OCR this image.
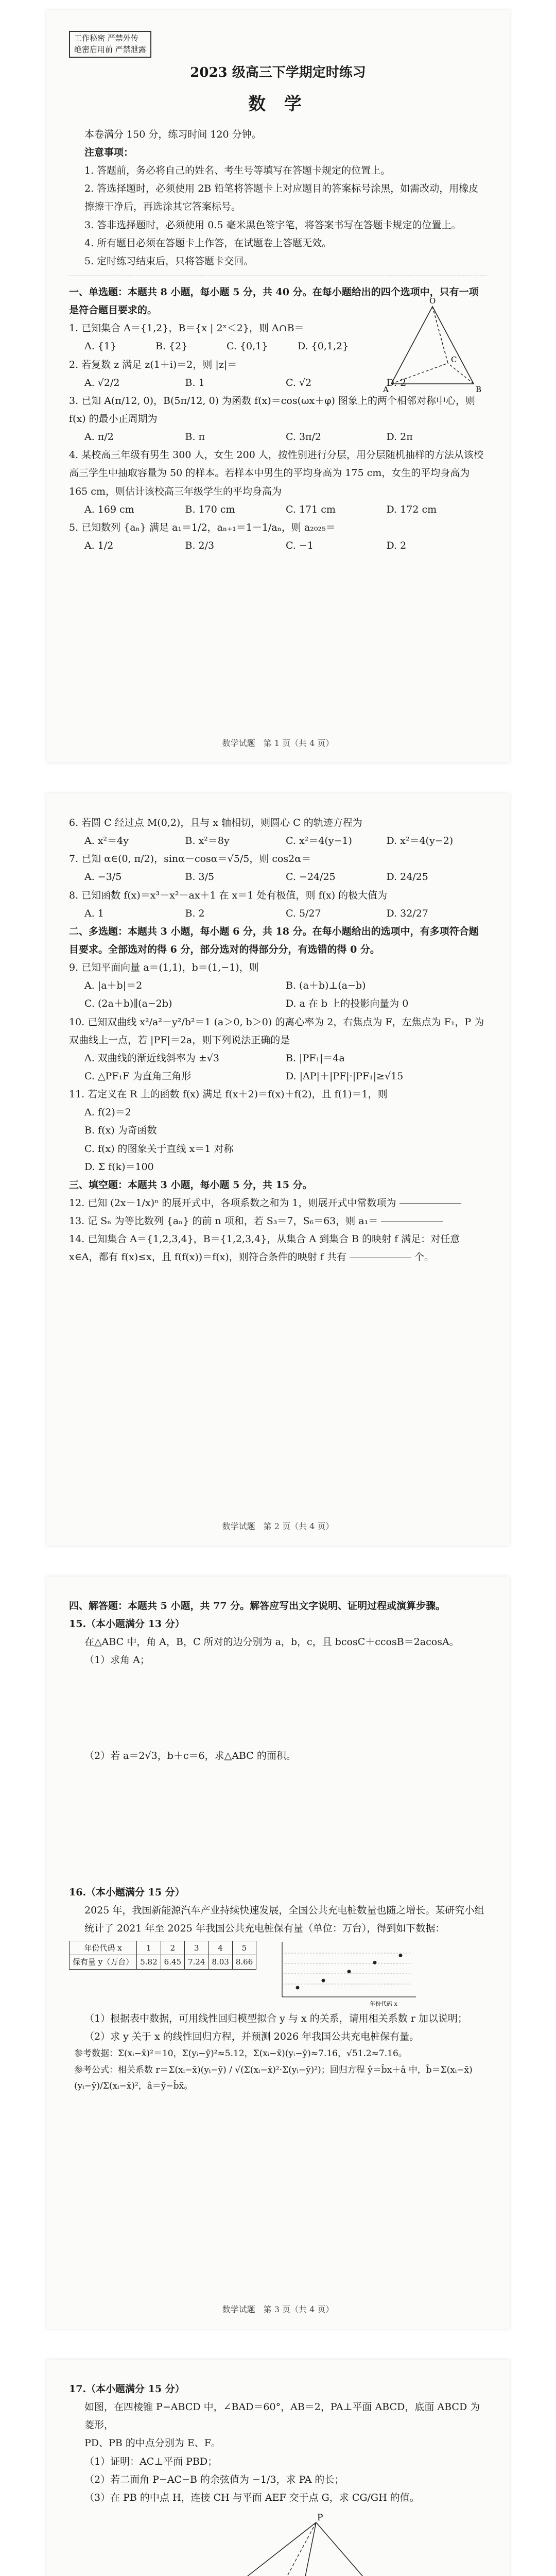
工作秘密 严禁外传
绝密启用前 严禁泄露
2023 级高三下学期定时练习
数 学
本卷满分 150 分，练习时间 120 分钟。
注意事项：
1. 答题前，务必将自己的姓名、考生号等填写在答题卡规定的位置上。
2. 答选择题时，必须使用 2B 铅笔将答题卡上对应题目的答案标号涂黑，如需改动，用橡皮擦擦干净后，再选涂其它答案标号。
3. 答非选择题时，必须使用 0.5 毫米黑色签字笔，将答案书写在答题卡规定的位置上。
4. 所有题目必须在答题卡上作答，在试题卷上答题无效。
5. 定时练习结束后，只将答题卡交回。
一、单选题：本题共 8 小题，每小题 5 分，共 40 分。在每小题给出的四个选项中，只有一项是符合题目要求的。
1. 已知集合 A＝{1,2}，B＝{x | 2ˣ＜2}，则 A∩B＝
A. {1}	B. {2}	C. {0,1}	D. {0,1,2}
2. 若复数 z 满足 z(1＋i)＝2，则 |z|＝
A. √2/2	B. 1	C. √2	D. 2
3. 已知 A(π/12, 0)，B(5π/12, 0) 为函数 f(x)＝cos(ωx＋φ) 图象上的两个相邻对称中心，则 f(x) 的最小正周期为
A. π/2	B. π	C. 3π/2	D. 2π
4. 某校高三年级有男生 300 人，女生 200 人，按性别进行分层，用分层随机抽样的方法从该校高三学生中抽取容量为 50 的样本。若样本中男生的平均身高为 175 cm，女生的平均身高为 165 cm，则估计该校高三年级学生的平均身高为
A. 169 cm	B. 170 cm	C. 171 cm	D. 172 cm
5. 已知数列 {aₙ} 满足 a₁＝1/2，aₙ₊₁＝1－1/aₙ，则 a₂₀₂₅＝
A. 1/2	B. 2/3	C. −1	D. 2
O
A	B
C
数学试题　第 1 页（共 4 页）
6. 若圆 C 经过点 M(0,2)，且与 x 轴相切，则圆心 C 的轨迹方程为
A. x²＝4y	B. x²＝8y	C. x²＝4(y−1)	D. x²＝4(y−2)
7. 已知 α∈(0, π/2)，sinα－cosα＝√5/5，则 cos2α＝
A. −3/5	B. 3/5	C. −24/25	D. 24/25
8. 已知函数 f(x)＝x³－x²－ax＋1 在 x＝1 处有极值，则 f(x) 的极大值为
A. 1	B. 2	C. 5/27	D. 32/27
二、多选题：本题共 3 小题，每小题 6 分，共 18 分。在每小题给出的选项中，有多项符合题目要求。全部选对的得 6 分，部分选对的得部分分，有选错的得 0 分。
9. 已知平面向量 a＝(1,1)，b＝(1,−1)，则
A. |a＋b|＝2	B. (a＋b)⊥(a−b)
C. (2a＋b)∥(a−2b)	D. a 在 b 上的投影向量为 0
10. 已知双曲线 x²/a²－y²/b²＝1 (a＞0, b＞0) 的离心率为 2，右焦点为 F，左焦点为 F₁，P 为双曲线上一点，若 |PF|＝2a，则下列说法正确的是
A. 双曲线的渐近线斜率为 ±√3	B. |PF₁|＝4a
C. △PF₁F 为直角三角形	D. |AP|＋|PF|·|PF₁|≥√15
11. 若定义在 R 上的函数 f(x) 满足 f(x＋2)＝f(x)＋f(2)，且 f(1)＝1，则
A. f(2)＝2
B. f(x) 为奇函数
C. f(x) 的图象关于直线 x＝1 对称
D. Σ f(k)＝100
三、填空题：本题共 3 小题，每小题 5 分，共 15 分。
12. 已知 (2x－1/x)ⁿ 的展开式中，各项系数之和为 1，则展开式中常数项为
13. 记 Sₙ 为等比数列 {aₙ} 的前 n 项和，若 S₃＝7，S₆＝63，则 a₁＝
14. 已知集合 A＝{1,2,3,4}，B＝{1,2,3,4}，从集合 A 到集合 B 的映射 f 满足：对任意 x∈A，都有 f(x)≤x，且 f(f(x))＝f(x)，则符合条件的映射 f 共有	个。
数学试题　第 2 页（共 4 页）
四、解答题：本题共 5 小题，共 77 分。解答应写出文字说明、证明过程或演算步骤。
15.（本小题满分 13 分）
在△ABC 中，角 A，B，C 所对的边分别为 a，b，c，且 bcosC＋ccosB＝2acosA。
（1）求角 A；
（2）若 a＝2√3，b＋c＝6，求△ABC 的面积。
16.（本小题满分 15 分）
2025 年，我国新能源汽车产业持续快速发展，全国公共充电桩数量也随之增长。某研究小组统计了 2021 年至 2025 年我国公共充电桩保有量（单位：万台），得到如下数据：
年份代码 x	1	2	3	4	5
保有量 y（万台）	5.82	6.45	7.24	8.03	8.66
年份代码 x
（1）根据表中数据，可用线性回归模型拟合 y 与 x 的关系，请用相关系数 r 加以说明；
（2）求 y 关于 x 的线性回归方程，并预测 2026 年我国公共充电桩保有量。
参考数据：Σ(xᵢ−x̄)²＝10，Σ(yᵢ−ȳ)²≈5.12，Σ(xᵢ−x̄)(yᵢ−ȳ)≈7.16，√51.2≈7.16。
参考公式：相关系数 r＝Σ(xᵢ−x̄)(yᵢ−ȳ) / √(Σ(xᵢ−x̄)²·Σ(yᵢ−ȳ)²)；回归方程 ŷ＝b̂x＋â 中，b̂＝Σ(xᵢ−x̄)(yᵢ−ȳ)/Σ(xᵢ−x̄)²，â＝ȳ−b̂x̄。
数学试题　第 3 页（共 4 页）
17.（本小题满分 15 分）
如图，在四棱锥 P−ABCD 中，∠BAD＝60°，AB＝2，PA⊥平面 ABCD，底面 ABCD 为菱形，
PD、PB 的中点分别为 E、F。
（1）证明：AC⊥平面 PBD；
（2）若二面角 P−AC−B 的余弦值为 −1/3，求 PA 的长；
（3）在 PB 的中点 H，连接 CH 与平面 AEF 交于点 G，求 CG/GH 的值。
P
